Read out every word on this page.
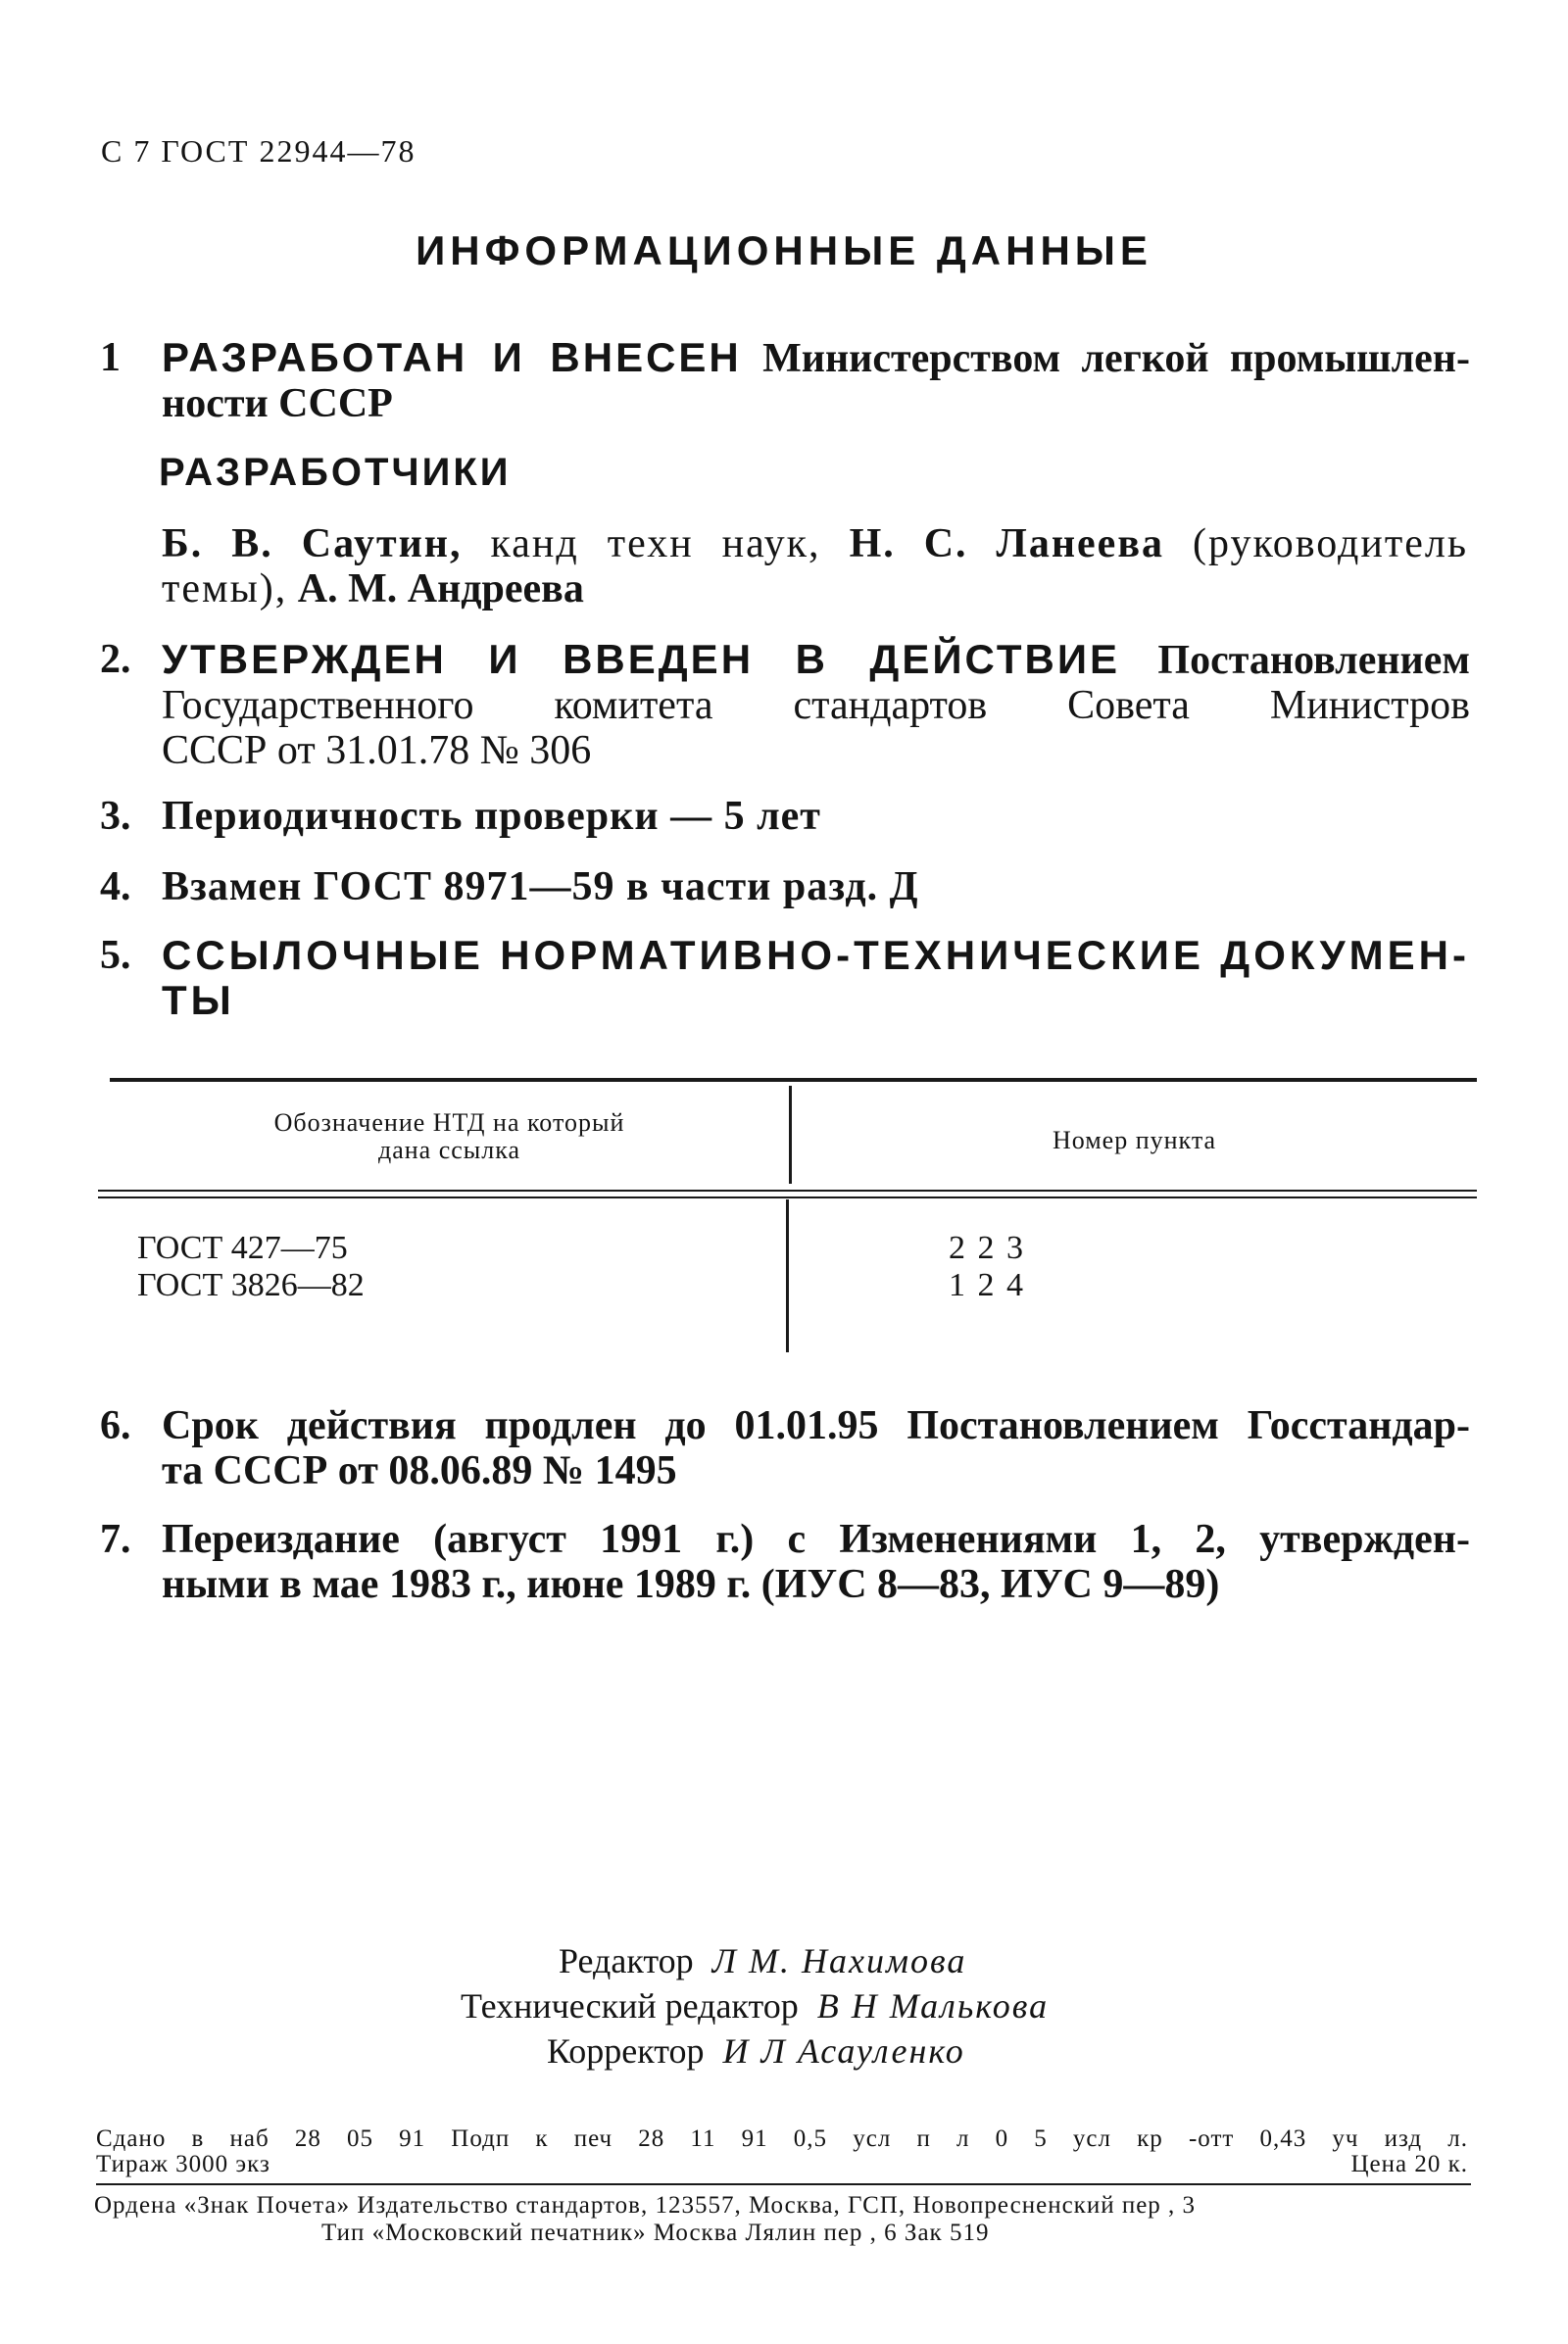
С 7 ГОСТ 22944—78
ИНФОРМАЦИОННЫЕ ДАННЫЕ
1 РАЗРАБОТАН И ВНЕСЕН Министерством легкой промышлен-
ности СССР
РАЗРАБОТЧИКИ
Б. В. Саутин, канд техн наук, Н. С. Ланеева (руководитель
темы), А. М. Андреева
2. УТВЕРЖДЕН И ВВЕДЕН В ДЕЙСТВИЕ Постановлением
Государственного комитета стандартов Совета Министров
СССР от 31.01.78 № 306
3. Периодичность проверки — 5 лет
4. Взамен ГОСТ 8971—59 в части разд. Д
5. ССЫЛОЧНЫЕ НОРМАТИВНО-ТЕХНИЧЕСКИЕ ДОКУМЕН-
ТЫ
Обозначение НТД на который
дана ссылка	Номер пункта
ГОСТ 427—75	2 2 3
ГОСТ 3826—82	1 2 4
6. Срок действия продлен до 01.01.95 Постановлением Госстандар-
та СССР от 08.06.89 № 1495
7. Переиздание (август 1991 г.) с Изменениями 1, 2, утвержден-
ными в мае 1983 г., июне 1989 г. (ИУС 8—83, ИУС 9—89)
Редактор Л М. Нахимова
Технический редактор В Н Малькова
Корректор И Л Асауленко
Сдано в наб 28 05 91 Подп к печ 28 11 91 0,5 усл п л 0 5 усл кр -отт 0,43 уч изд л.
Тираж 3000 экз	Цена 20 к.
Ордена «Знак Почета» Издательство стандартов, 123557, Москва, ГСП, Новопресненский пер , 3
Тип «Московский печатник» Москва Лялин пер , 6 Зак 519
